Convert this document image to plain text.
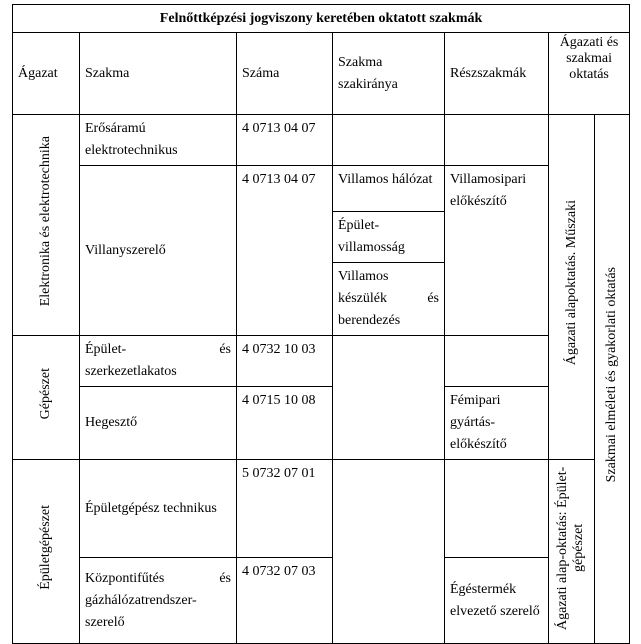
Felnőttképzési jogviszony keretében oktatott szakmák						
Ágazat	Szakma	Száma	Szakma szakiránya	Részszakmák	Ágazati és szakmai oktatás	
Elektronika és elektrotechnika	Erősáramú elektrotechnikus	4 0713 04 07			Ágazati alapoktatás. Műszaki	Szakmai elméleti és gyakorlati oktatás
	Villanyszerelő	4 0713 04 07	Villamos hálózat	Villamosipari előkészítő		
			Épület-villamosság			
			Villamos készülék és berendezés			
Gépészet	Épület- és szerkezetlakatos	4 0732 10 03				
	Hegesztő	4 0715 10 08		Fémipari gyártás-előkészítő		
Épületgépészet	Épületgépész technikus	5 0732 07 01			Ágazati alap-oktatás: Épület-gépészet	
	Központifűtés és gázhálózatrendszer-szerelő	4 0732 07 03		Égéstermék elvezető szerelő		
